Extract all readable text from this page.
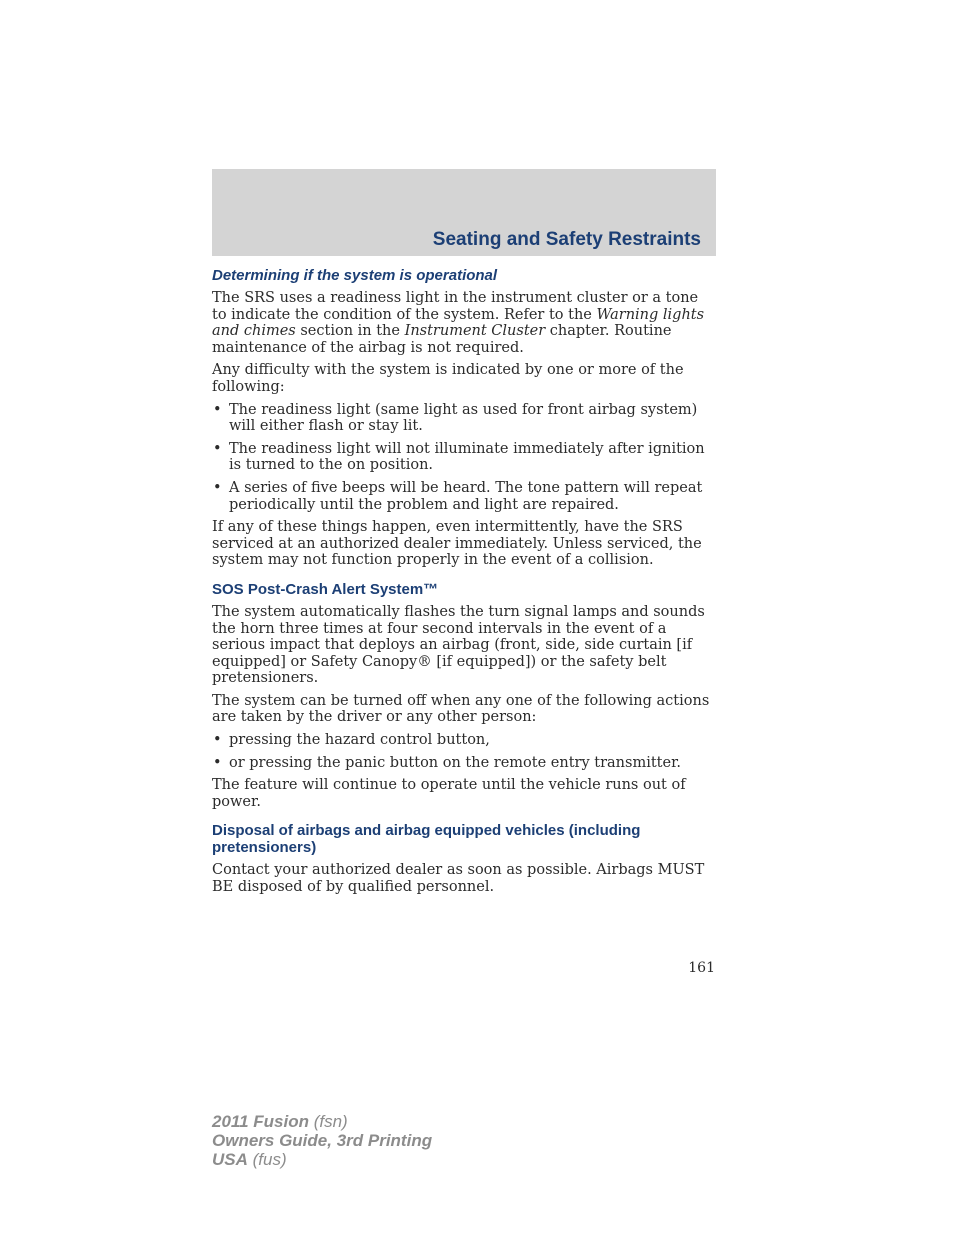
Seating and Safety Restraints
Determining if the system is operational

The SRS uses a readiness light in the instrument cluster or a tone to indicate the condition of the system. Refer to the Warning lights and chimes section in the Instrument Cluster chapter. Routine maintenance of the airbag is not required.

Any difficulty with the system is indicated by one or more of the following:

• The readiness light (same light as used for front airbag system) will either flash or stay lit.
• The readiness light will not illuminate immediately after ignition is turned to the on position.
• A series of five beeps will be heard. The tone pattern will repeat periodically until the problem and light are repaired.

If any of these things happen, even intermittently, have the SRS serviced at an authorized dealer immediately. Unless serviced, the system may not function properly in the event of a collision.

SOS Post-Crash Alert System™

The system automatically flashes the turn signal lamps and sounds the horn three times at four second intervals in the event of a serious impact that deploys an airbag (front, side, side curtain [if equipped] or Safety Canopy® [if equipped]) or the safety belt pretensioners.

The system can be turned off when any one of the following actions are taken by the driver or any other person:

• pressing the hazard control button,
• or pressing the panic button on the remote entry transmitter.

The feature will continue to operate until the vehicle runs out of power.

Disposal of airbags and airbag equipped vehicles (including pretensioners)

Contact your authorized dealer as soon as possible. Airbags MUST BE disposed of by qualified personnel.

161
2011 Fusion (fsn)
Owners Guide, 3rd Printing
USA (fus)
